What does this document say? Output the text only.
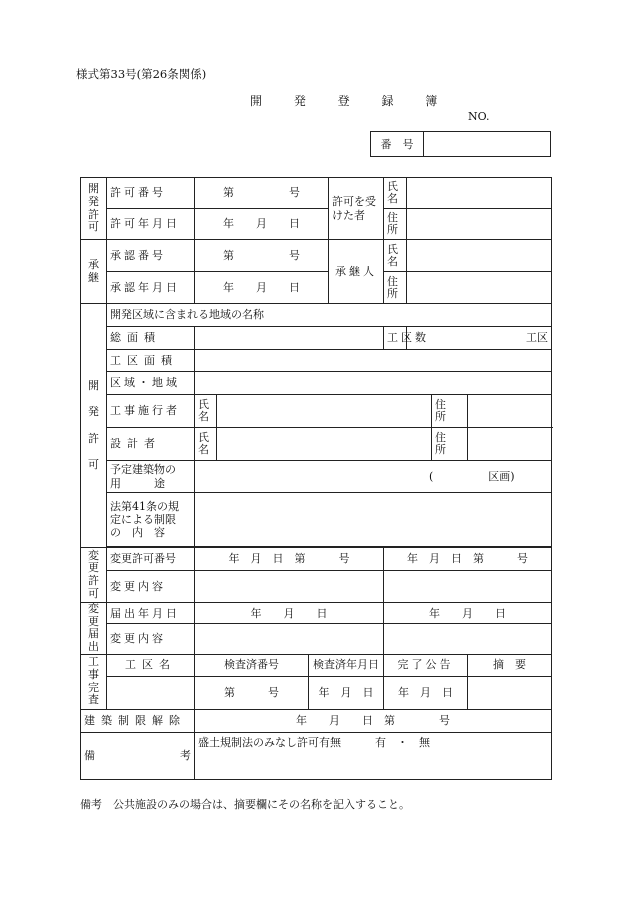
様式第33号(第26条関係)
開 発 登 録 簿
NO.
番　号
開発許可	許可番号	第　　　　　号			許可を受けた者	氏名			

	許可年月日	年　　月　　日				住所			

承継	承認番号	第　　　　　号			承継人	氏名			

	承認年月日	年　　月　　日				住所			

開発許可	開発区域に含まれる地域の名称								
	総面積					工区数	工区		
	工区面積								
	区域・地域								
	工事施行者	氏名						住所	

	設計者	氏名						住所	

	予定建築物の
用　　　途	(　　　　　区画)							

	法第41条の規
定による制限
の　内　容								

変更許可	変更許可番号	年　月　日　第　　　号				年　月　日　第　　　号			
	変更内容								

変更届出	届出年月日	年　　月　　日				年　　月　　日			
	変更内容								

工事完査	工区名	検査済番号		検査済年月日		完了公告			摘　要
		第　　　号		年　月　日		年　月　日			
建築制限解除		年　　月　　日　第　　　　号							

備 考		盛土規制法のみなし許可有無 有　・　無							
備考　公共施設のみの場合は、摘要欄にその名称を記入すること。
